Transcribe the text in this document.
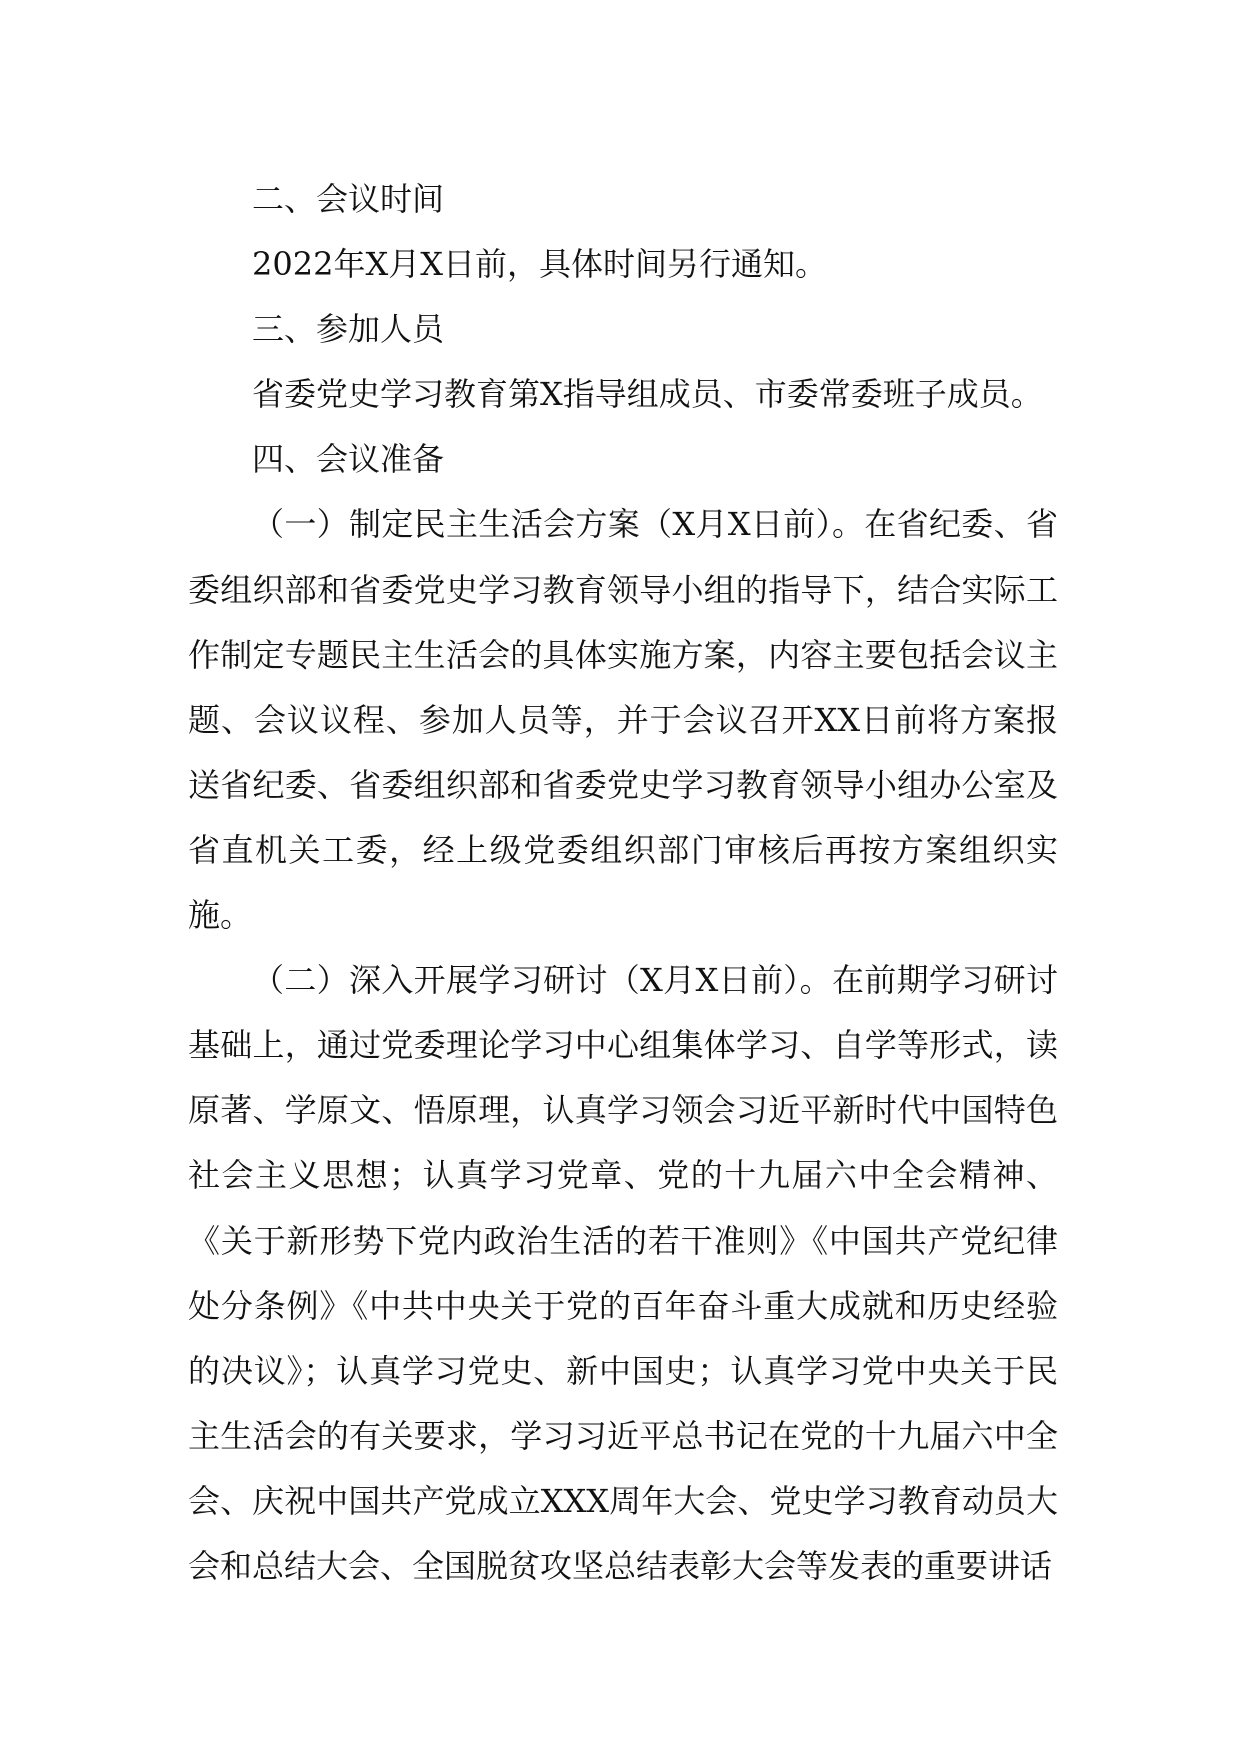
二、会议时间

2022年X月X日前，具体时间另行通知。

三、参加人员

省委党史学习教育第X指导组成员、市委常委班子成员。

四、会议准备

（一）制定民主生活会方案（X月X日前）。在省纪委、省委组织部和省委党史学习教育领导小组的指导下，结合实际工作制定专题民主生活会的具体实施方案，内容主要包括会议主题、会议议程、参加人员等，并于会议召开XX日前将方案报送省纪委、省委组织部和省委党史学习教育领导小组办公室及省直机关工委，经上级党委组织部门审核后再按方案组织实施。

（二）深入开展学习研讨（X月X日前）。在前期学习研讨基础上，通过党委理论学习中心组集体学习、自学等形式，读原著、学原文、悟原理，认真学习领会习近平新时代中国特色社会主义思想；认真学习党章、党的十九届六中全会精神、《关于新形势下党内政治生活的若干准则》《中国共产党纪律处分条例》《中共中央关于党的百年奋斗重大成就和历史经验的决议》；认真学习党史、新中国史；认真学习党中央关于民主生活会的有关要求，学习习近平总书记在党的十九届六中全会、庆祝中国共产党成立XXX周年大会、党史学习教育动员大会和总结大会、全国脱贫攻坚总结表彰大会等发表的重要讲话
